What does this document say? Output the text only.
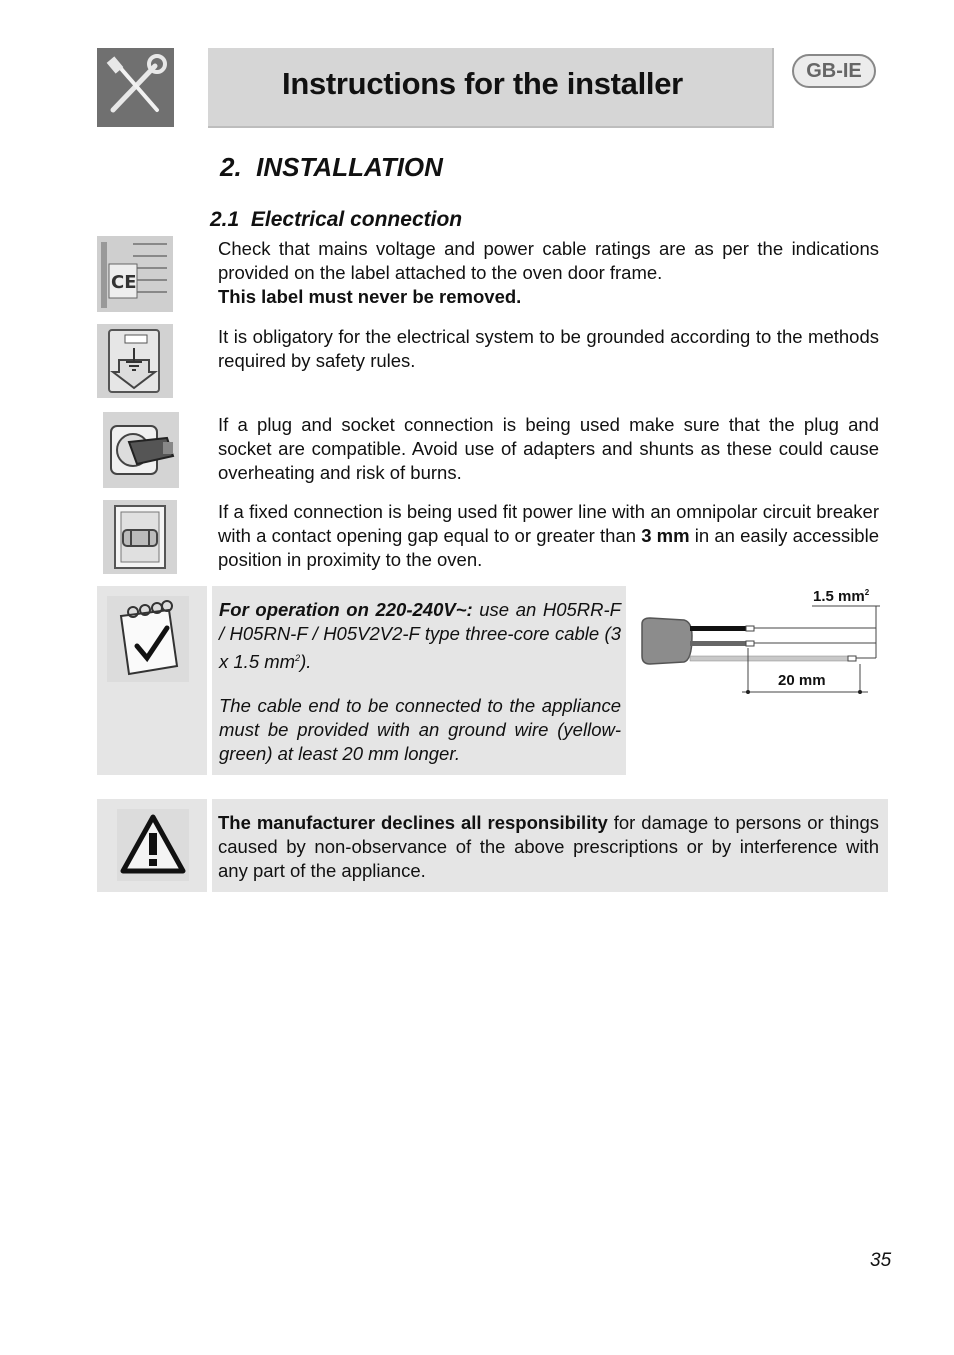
Instructions for the installer	GB-IE
2. INSTALLATION
2.1 Electrical connection
CE
Check that mains voltage and power cable ratings are as per the indications provided on the label attached to the oven door frame.
This label must never be removed.
It is obligatory for the electrical system to be grounded according to the methods required by safety rules.
If a plug and socket connection is being used make sure that the plug and socket are compatible. Avoid use of adapters and shunts as these could cause overheating and risk of burns.
If a fixed connection is being used fit power line with an omnipolar circuit breaker with a contact opening gap equal to or greater than 3 mm in an easily accessible position in proximity to the oven.
For operation on 220-240V~: use an H05RR-F / H05RN-F / H05V2V2-F type three-core cable (3 x 1.5 $mm^2$).
The cable end to be connected to the appliance must be provided with an ground wire (yellow-green) at least 20 mm longer.
1.5 $mm^2$
20 mm
The manufacturer declines all responsibility for damage to persons or things caused by non-observance of the above prescriptions or by interference with any part of the appliance.
35
